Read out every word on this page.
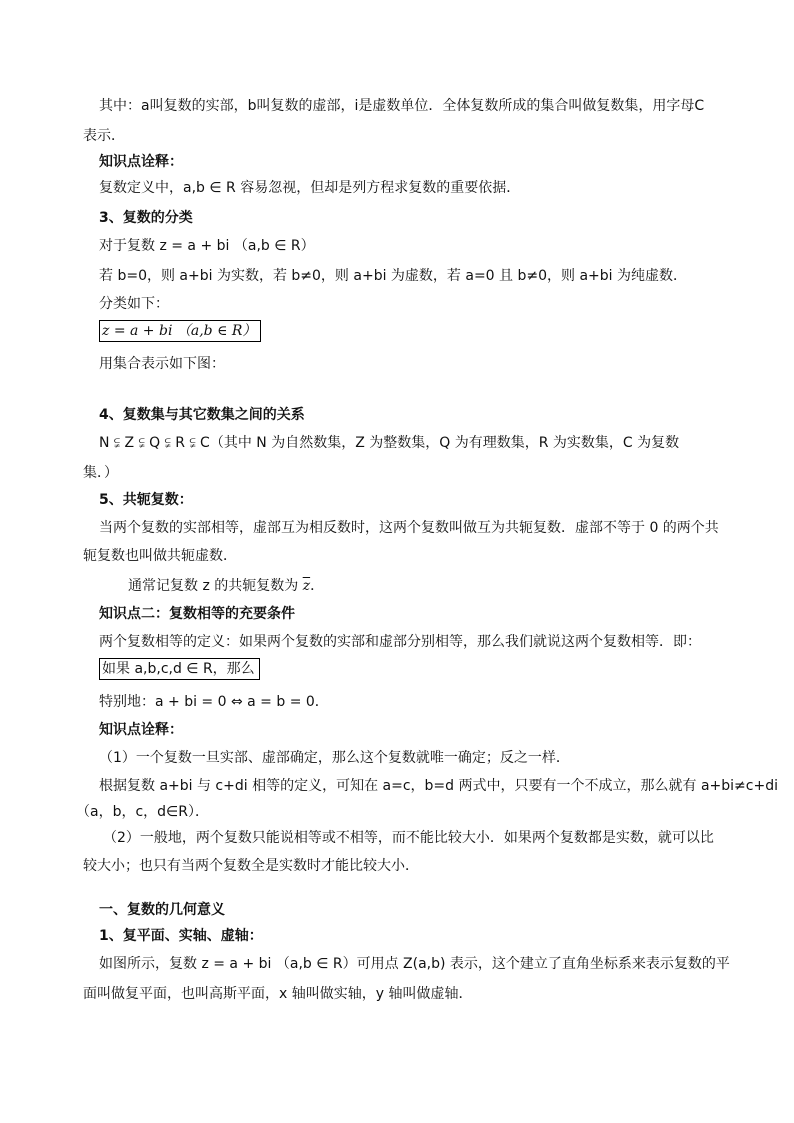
其中：a叫复数的实部，b叫复数的虚部，i是虚数单位．全体复数所成的集合叫做复数集，用字母C
表示．
知识点诠释：
复数定义中，a,b ∈ R 容易忽视，但却是列方程求复数的重要依据．
3、复数的分类
对于复数 z = a + bi （a,b ∈ R）
若 b=0，则 a+bi 为实数，若 b≠0，则 a+bi 为虚数，若 a=0 且 b≠0，则 a+bi 为纯虚数．
分类如下：
z = a + bi （a,b ∈ R）
用集合表示如下图：
4、复数集与其它数集之间的关系
N ⫋ Z ⫋ Q ⫋ R ⫋ C（其中 N 为自然数集，Z 为整数集，Q 为有理数集，R 为实数集，C 为复数
集．）
5、共轭复数：
当两个复数的实部相等，虚部互为相反数时，这两个复数叫做互为共轭复数．虚部不等于 0 的两个共
轭复数也叫做共轭虚数．
通常记复数 z 的共轭复数为 $\overline{z}$．
知识点二：复数相等的充要条件
两个复数相等的定义：如果两个复数的实部和虚部分别相等，那么我们就说这两个复数相等．即：
如果 a,b,c,d ∈ R，那么
特别地：a + bi = 0 ⇔ a = b = 0．
知识点诠释：
（1）一个复数一旦实部、虚部确定，那么这个复数就唯一确定；反之一样．
根据复数 a+bi 与 c+di 相等的定义，可知在 a=c，b=d 两式中，只要有一个不成立，那么就有 a+bi≠c+di
（a，b，c，d∈R）．
（2）一般地，两个复数只能说相等或不相等，而不能比较大小．如果两个复数都是实数，就可以比
较大小；也只有当两个复数全是实数时才能比较大小．
一、复数的几何意义
1、复平面、实轴、虚轴：
如图所示，复数 z = a + bi （a,b ∈ R）可用点 Z(a,b) 表示，这个建立了直角坐标系来表示复数的平
面叫做复平面，也叫高斯平面，x 轴叫做实轴，y 轴叫做虚轴．
